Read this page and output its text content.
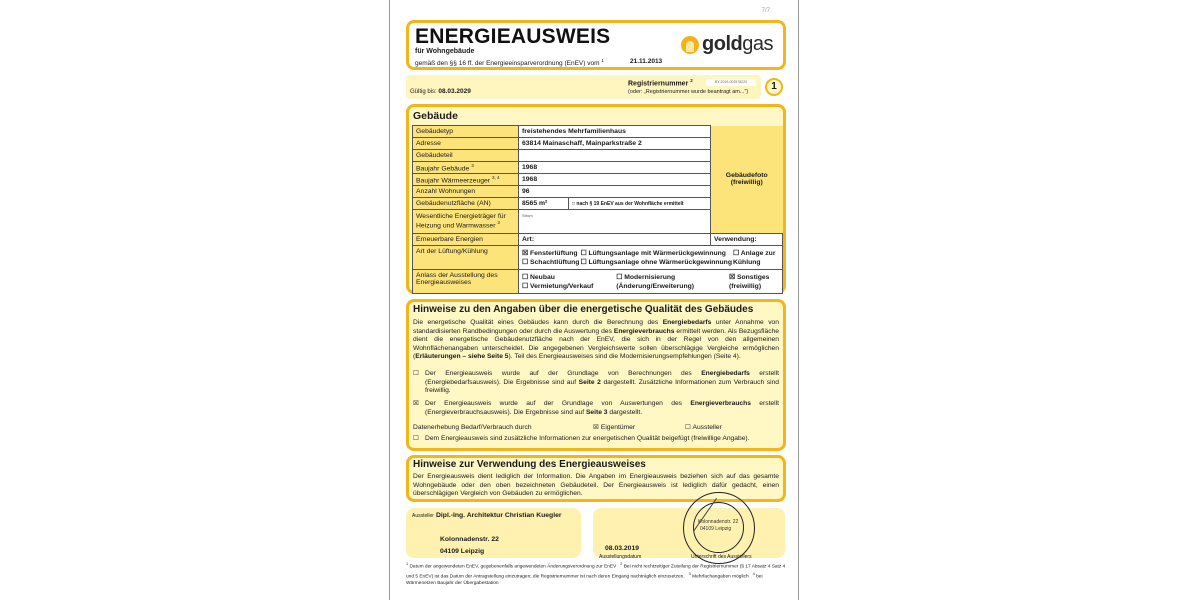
7/7
ENERGIEAUSWEIS
für Wohngebäude
gemäß den §§ 16 ff. der Energieeinsparverordnung (EnEV) vom $^1$	21.11.2013
goldgas
Gültig bis: 08.03.2029
Registriernummer $^2$	BY-2019-002578220
(oder: „Registriernummer wurde beantragt am...")	1
Gebäude
Gebäudetyp	freistehendes Mehrfamilienhaus		Gebäudefoto (freiwillig)
Adresse	63814 Mainaschaff, Mainparkstraße 2		
Gebäudeteil			
Baujahr Gebäude $^3$	1968		
Baujahr Wärmeerzeuger $^{3, 4}$	1968		
Anzahl Wohnungen	96		
Gebäudenutzfläche (AN)	8565 m²	□ nach § 19 EnEV aus der Wohnfläche ermittelt	
Wesentliche Energieträger für Heizung und Warmwasser $^3$	Strom		
Erneuerbare Energien	Art:		Verwendung:
Art der Lüftung/Kühlung	☒ Fensterlüftung
☐ Schachtlüftung
☐ Lüftungsanlage mit Wärmerückgewinnung
☐ Lüftungsanlage ohne Wärmerückgewinnung
☐ Anlage zur Kühlung		

Anlass der Ausstellung des Energieausweises	☐ Neubau
☐ Vermietung/Verkauf
☐ Modernisierung (Änderung/Erweiterung)
☒ Sonstiges (freiwillig)		
Hinweise zu den Angaben über die energetische Qualität des Gebäudes
Die energetische Qualität eines Gebäudes kann durch die Berechnung des Energiebedarfs unter Annahme von standardisierten Randbedingungen oder durch die Auswertung des Energieverbrauchs ermittelt werden. Als Bezugsfläche dient die energetische Gebäudenutzfläche nach der EnEV, die sich in der Regel von den allgemeinen Wohnflächenangaben unterscheidet. Die angegebenen Vergleichswerte sollen überschlägige Vergleiche ermöglichen (Erläuterungen – siehe Seite 5). Teil des Energieausweises sind die Modernisierungsempfehlungen (Seite 4).
☐ Der Energieausweis wurde auf der Grundlage von Berechnungen des Energiebedarfs erstellt (Energiebedarfsausweis). Die Ergebnisse sind auf Seite 2 dargestellt. Zusätzliche Informationen zum Verbrauch sind freiwillig.
☒ Der Energieausweis wurde auf der Grundlage von Auswertungen des Energieverbrauchs erstellt (Energieverbrauchsausweis). Die Ergebnisse sind auf Seite 3 dargestellt.
Datenerhebung Bedarf/Verbrauch durch	☒ Eigentümer	☐ Aussteller
☐ Dem Energieausweis sind zusätzliche Informationen zur energetischen Qualität beigefügt (freiwillige Angabe).
Hinweise zur Verwendung des Energieausweises
Der Energieausweis dient lediglich der Information. Die Angaben im Energieausweis beziehen sich auf das gesamte Wohngebäude oder den oben bezeichneten Gebäudeteil. Der Energieausweis ist lediglich dafür gedacht, einen überschlägigen Vergleich von Gebäuden zu ermöglichen.
Aussteller Dipl.-Ing. Architektur Christian Kuegler
Kolonnadenstr. 22
04109 Leipzig	08.03.2019
Ausstellungsdatum	Unterschrift des Ausstellers
Kolonnadenstr. 22
04109 Leipzig
$^1$ Datum der angewendeten EnEV, gegebenenfalls angewendeten Änderungsverordnung zur EnEV   $^2$ Bei nicht rechtzeitiger Zuteilung der Registriernummer (§ 17 Absatz 4 Satz 4 und 5 EnEV) ist das Datum der Antragstellung einzutragen; die Registriernummer ist nach deren Eingang nachträglich einzusetzen.   $^3$ Mehrfachangaben möglich   $^4$ bei Wärmenetzen Baujahr der Übergabestation
